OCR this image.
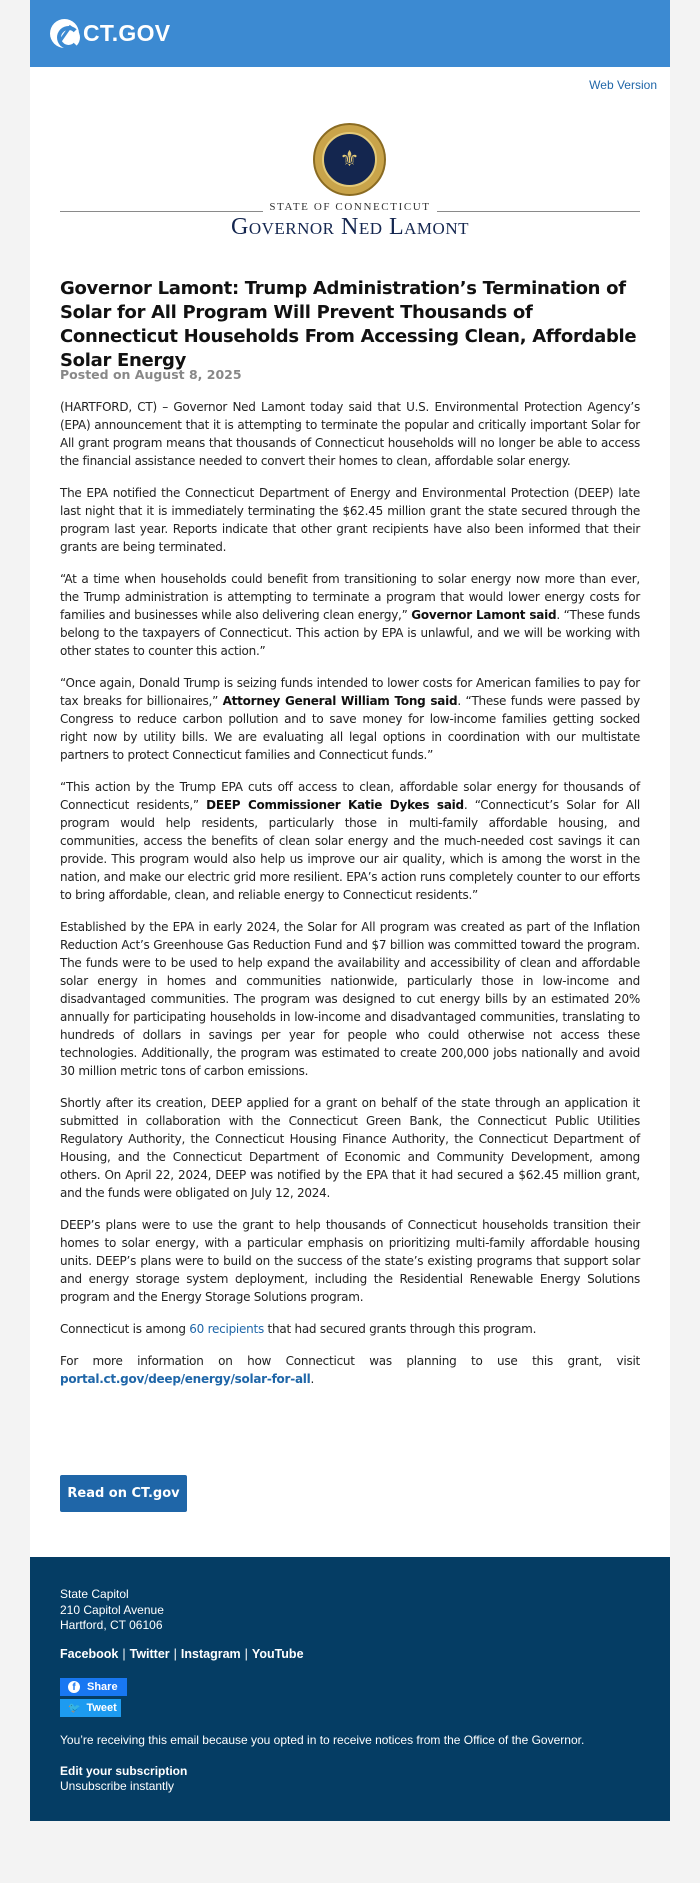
CT.GOV
Web Version
⚜
STATE OF CONNECTICUT
Governor Ned Lamont
Governor Lamont: Trump Administration’s Termination of Solar for All Program Will Prevent Thousands of Connecticut Households From Accessing Clean, Affordable Solar Energy
Posted on August 8, 2025

(HARTFORD, CT) – Governor Ned Lamont today said that U.S. Environmental Protection Agency’s (EPA) announcement that it is attempting to terminate the popular and critically important Solar for All grant program means that thousands of Connecticut households will no longer be able to access the financial assistance needed to convert their homes to clean, affordable solar energy.

The EPA notified the Connecticut Department of Energy and Environmental Protection (DEEP) late last night that it is immediately terminating the $62.45 million grant the state secured through the program last year. Reports indicate that other grant recipients have also been informed that their grants are being terminated.

“At a time when households could benefit from transitioning to solar energy now more than ever, the Trump administration is attempting to terminate a program that would lower energy costs for families and businesses while also delivering clean energy,” Governor Lamont said. “These funds belong to the taxpayers of Connecticut. This action by EPA is unlawful, and we will be working with other states to counter this action.”

“Once again, Donald Trump is seizing funds intended to lower costs for American families to pay for tax breaks for billionaires,” Attorney General William Tong said. “These funds were passed by Congress to reduce carbon pollution and to save money for low-income families getting socked right now by utility bills. We are evaluating all legal options in coordination with our multistate partners to protect Connecticut families and Connecticut funds.”

“This action by the Trump EPA cuts off access to clean, affordable solar energy for thousands of Connecticut residents,” DEEP Commissioner Katie Dykes said. “Connecticut’s Solar for All program would help residents, particularly those in multi-family affordable housing, and communities, access the benefits of clean solar energy and the much-needed cost savings it can provide. This program would also help us improve our air quality, which is among the worst in the nation, and make our electric grid more resilient. EPA’s action runs completely counter to our efforts to bring affordable, clean, and reliable energy to Connecticut residents.”

Established by the EPA in early 2024, the Solar for All program was created as part of the Inflation Reduction Act’s Greenhouse Gas Reduction Fund and $7 billion was committed toward the program. The funds were to be used to help expand the availability and accessibility of clean and affordable solar energy in homes and communities nationwide, particularly those in low-income and disadvantaged communities. The program was designed to cut energy bills by an estimated 20% annually for participating households in low-income and disadvantaged communities, translating to hundreds of dollars in savings per year for people who could otherwise not access these technologies. Additionally, the program was estimated to create 200,000 jobs nationally and avoid 30 million metric tons of carbon emissions.

Shortly after its creation, DEEP applied for a grant on behalf of the state through an application it submitted in collaboration with the Connecticut Green Bank, the Connecticut Public Utilities Regulatory Authority, the Connecticut Housing Finance Authority, the Connecticut Department of Housing, and the Connecticut Department of Economic and Community Development, among others. On April 22, 2024, DEEP was notified by the EPA that it had secured a $62.45 million grant, and the funds were obligated on July 12, 2024.

DEEP’s plans were to use the grant to help thousands of Connecticut households transition their homes to solar energy, with a particular emphasis on prioritizing multi-family affordable housing units. DEEP’s plans were to build on the success of the state’s existing programs that support solar and energy storage system deployment, including the Residential Renewable Energy Solutions program and the Energy Storage Solutions program.

Connecticut is among 60 recipients that had secured grants through this program.

For more information on how Connecticut was planning to use this grant, visit portal.ct.gov/deep/energy/solar-for-all.

Read on CT.gov
State Capitol
210 Capitol Avenue
Hartford, CT 06106
Facebook | Twitter | Instagram | YouTube
f	Share
🐦 Tweet
You’re receiving this email because you opted in to receive notices from the Office of the Governor.
Edit your subscription
Unsubscribe instantly
